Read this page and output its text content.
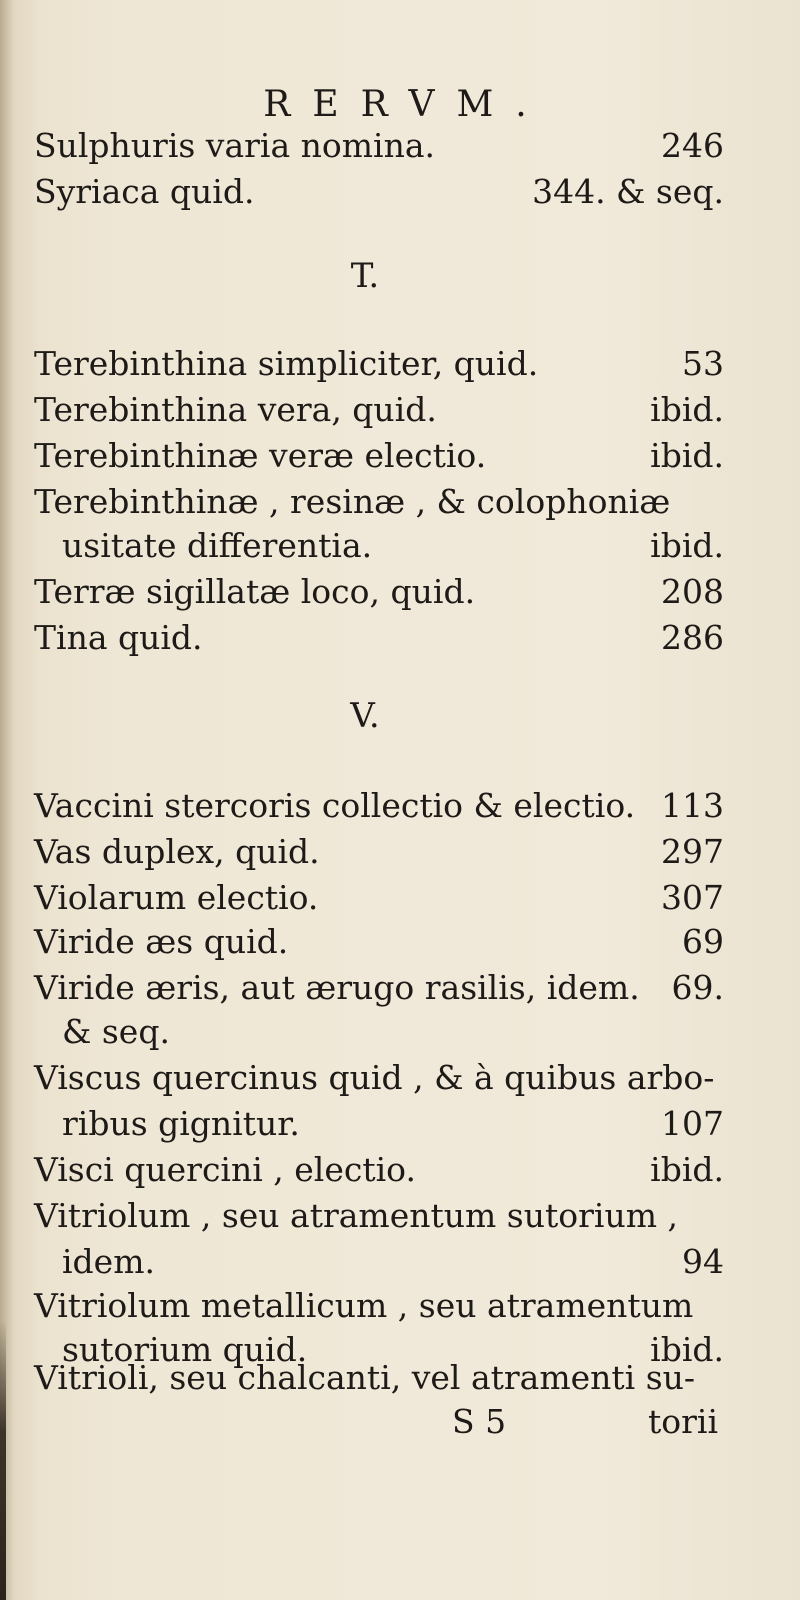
RERVM.
Sulphuris varia nomina.	246
Syriaca quid.	344. & seq.
T.
Terebinthina simpliciter, quid.	53
Terebinthina vera, quid.	ibid.
Terebinthinæ veræ electio.	ibid.
Terebinthinæ , resinæ , & colophoniæ
usitate differentia.	ibid.
Terræ sigillatæ loco, quid.	208
Tina quid.	286
V.
Vaccini stercoris collectio & electio. 113
Vas duplex, quid.	297
Violarum electio.	307
Viride æs quid.	69
Viride æris, aut ærugo rasilis, idem. 69.
& seq.
Viscus quercinus quid , & à quibus arbo-
ribus gignitur.	107
Visci quercini , electio.	ibid.
Vitriolum , seu atramentum sutorium ,
idem.	94
Vitriolum metallicum , seu atramentum
sutorium quid.	ibid.
Vitrioli, seu chalcanti, vel atramenti su-
S 5	torii
